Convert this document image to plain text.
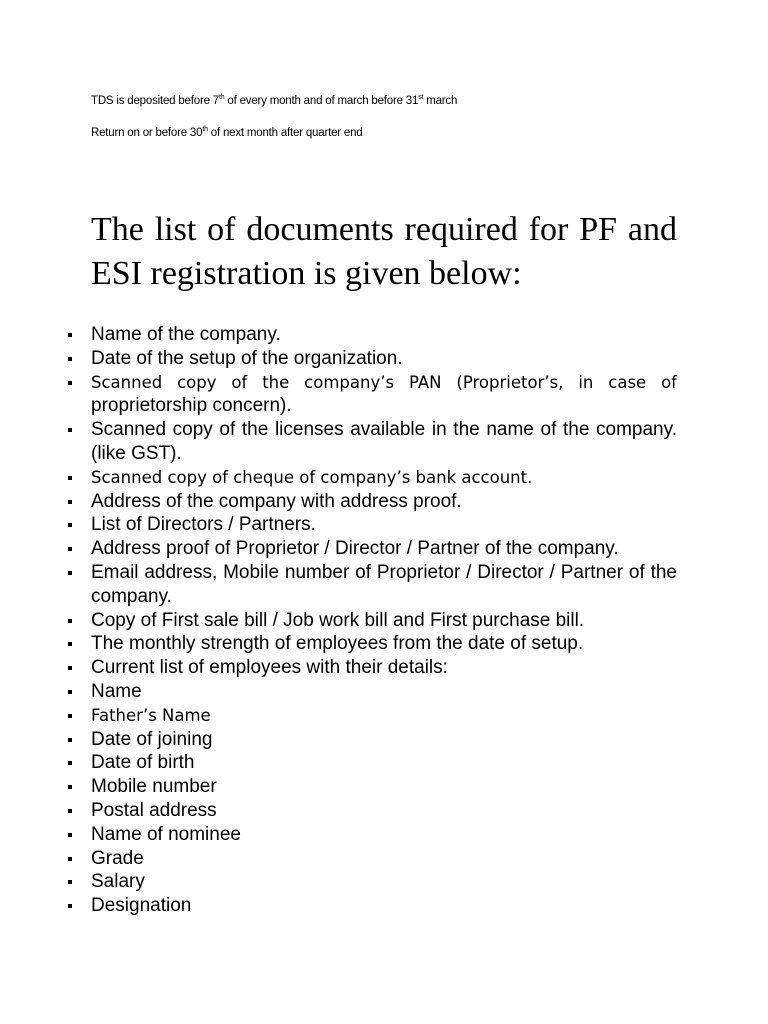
TDS is deposited before 7th of every month and of march before 31st march
Return on or before 30th of next month after quarter end
The list of documents required for PF and ESI registration is given below:
Name of the company.
Date of the setup of the organization.
Scanned copy of the company’s PAN (Proprietor’s, in case of proprietorship concern).
Scanned copy of the licenses available in the name of the company. (like GST).
Scanned copy of cheque of company’s bank account.
Address of the company with address proof.
List of Directors / Partners.
Address proof of Proprietor / Director / Partner of the company.
Email address, Mobile number of Proprietor / Director / Partner of the company.
Copy of First sale bill / Job work bill and First purchase bill.
The monthly strength of employees from the date of setup.
Current list of employees with their details:
Name
Father’s Name
Date of joining
Date of birth
Mobile number
Postal address
Name of nominee
Grade
Salary
Designation
